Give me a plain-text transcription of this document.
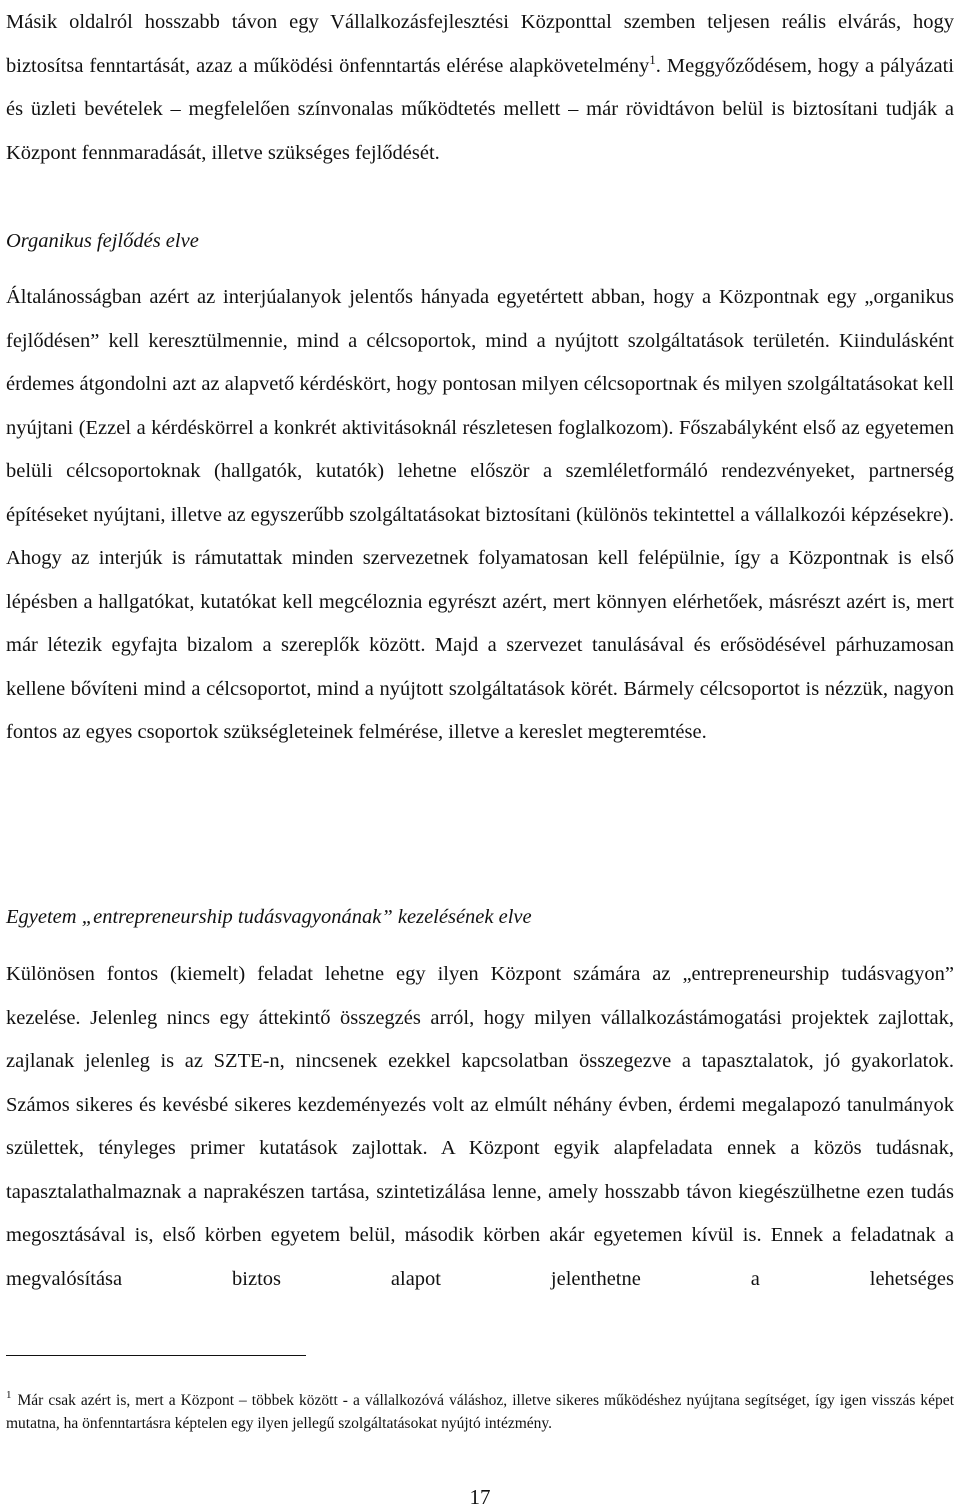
Másik oldalról hosszabb távon egy Vállalkozásfejlesztési Központtal szemben teljesen reális elvárás, hogy biztosítsa fenntartását, azaz a működési önfenntartás elérése alapkövetelmény$^1$. Meggyőződésem, hogy a pályázati és üzleti bevételek – megfelelően színvonalas működtetés mellett – már rövidtávon belül is biztosítani tudják a Központ fennmaradását, illetve szükséges fejlődését.

Organikus fejlődés elve

Általánosságban azért az interjúalanyok jelentős hányada egyetértett abban, hogy a Központnak egy „organikus fejlődésen” kell keresztülmennie, mind a célcsoportok, mind a nyújtott szolgáltatások területén. Kiindulásként érdemes átgondolni azt az alapvető kérdéskört, hogy pontosan milyen célcsoportnak és milyen szolgáltatásokat kell nyújtani (Ezzel a kérdéskörrel a konkrét aktivitásoknál részletesen foglalkozom). Főszabályként első az egyetemen belüli célcsoportoknak (hallgatók, kutatók) lehetne először a szemléletformáló rendezvényeket, partnerség építéseket nyújtani, illetve az egyszerűbb szolgáltatásokat biztosítani (különös tekintettel a vállalkozói képzésekre). Ahogy az interjúk is rámutattak minden szervezetnek folyamatosan kell felépülnie, így a Központnak is első lépésben a hallgatókat, kutatókat kell megcéloznia egyrészt azért, mert könnyen elérhetőek, másrészt azért is, mert már létezik egyfajta bizalom a szereplők között. Majd a szervezet tanulásával és erősödésével párhuzamosan kellene bővíteni mind a célcsoportot, mind a nyújtott szolgáltatások körét. Bármely célcsoportot is nézzük, nagyon fontos az egyes csoportok szükségleteinek felmérése, illetve a kereslet megteremtése.

Egyetem „entrepreneurship tudásvagyonának” kezelésének elve

Különösen fontos (kiemelt) feladat lehetne egy ilyen Központ számára az „entrepreneurship tudásvagyon” kezelése. Jelenleg nincs egy áttekintő összegzés arról, hogy milyen vállalkozástámogatási projektek zajlottak, zajlanak jelenleg is az SZTE-n, nincsenek ezekkel kapcsolatban összegezve a tapasztalatok, jó gyakorlatok. Számos sikeres és kevésbé sikeres kezdeményezés volt az elmúlt néhány évben, érdemi megalapozó tanulmányok születtek, tényleges primer kutatások zajlottak. A Központ egyik alapfeladata ennek a közös tudásnak, tapasztalathalmaznak a naprakészen tartása, szintetizálása lenne, amely hosszabb távon kiegészülhetne ezen tudás megosztásával is, első körben egyetem belül, második körben akár egyetemen kívül is. Ennek a feladatnak a megvalósítása biztos alapot jelenthetne a lehetséges

$^1$ Már csak azért is, mert a Központ – többek között - a vállalkozóvá váláshoz, illetve sikeres működéshez nyújtana segítséget, így igen visszás képet mutatna, ha önfenntartásra képtelen egy ilyen jellegű szolgáltatásokat nyújtó intézmény.

17
